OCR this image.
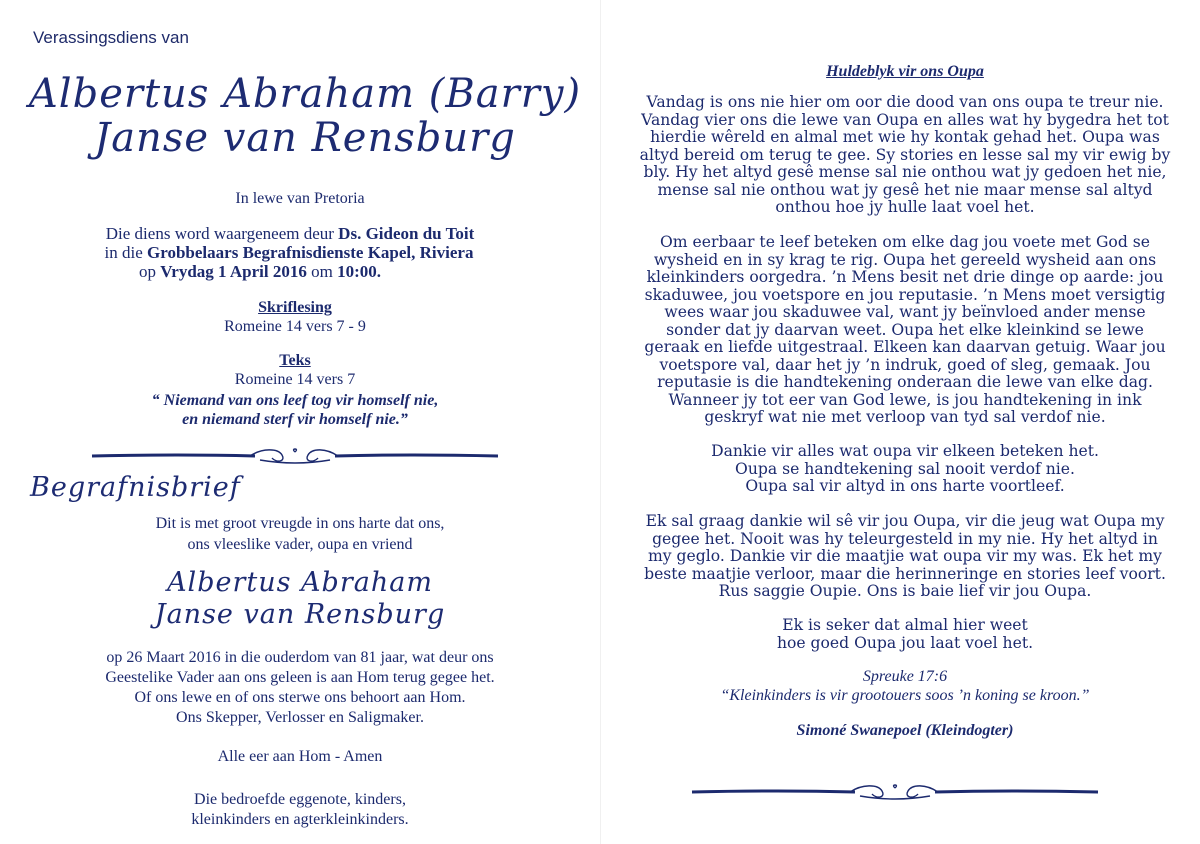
Verassingsdiens van
Albertus Abraham (Barry)
Janse van Rensburg
In lewe van Pretoria
Die diens word waargeneem deur Ds. Gideon du Toit
in die Grobbelaars Begrafnisdienste Kapel, Riviera
op Vrydag 1 April 2016 om 10:00.
Skriflesing
Romeine 14 vers 7 - 9
Teks
Romeine 14 vers 7
“ Niemand van ons leef tog vir homself nie,
en niemand sterf vir homself nie.”
Begrafnisbrief
Dit is met groot vreugde in ons harte dat ons,
ons vleeslike vader, oupa en vriend
Albertus Abraham
Janse van Rensburg
op 26 Maart 2016 in die ouderdom van 81 jaar, wat deur ons
Geestelike Vader aan ons geleen is aan Hom terug gegee het.
Of ons lewe en of ons sterwe ons behoort aan Hom.
Ons Skepper, Verlosser en Saligmaker.
Alle eer aan Hom - Amen
Die bedroefde eggenote, kinders,
kleinkinders en agterkleinkinders.
Huldeblyk vir ons Oupa
Vandag is ons nie hier om oor die dood van ons oupa te treur nie.
Vandag vier ons die lewe van Oupa en alles wat hy bygedra het tot
hierdie wêreld en almal met wie hy kontak gehad het. Oupa was
altyd bereid om terug te gee. Sy stories en lesse sal my vir ewig by
bly. Hy het altyd gesê mense sal nie onthou wat jy gedoen het nie,
mense sal nie onthou wat jy gesê het nie maar mense sal altyd
onthou hoe jy hulle laat voel het.
Om eerbaar te leef beteken om elke dag jou voete met God se
wysheid en in sy krag te rig. Oupa het gereeld wysheid aan ons
kleinkinders oorgedra. ’n Mens besit net drie dinge op aarde: jou
skaduwee, jou voetspore en jou reputasie. ’n Mens moet versigtig
wees waar jou skaduwee val, want jy beïnvloed ander mense
sonder dat jy daarvan weet. Oupa het elke kleinkind se lewe
geraak en liefde uitgestraal. Elkeen kan daarvan getuig. Waar jou
voetspore val, daar het jy ’n indruk, goed of sleg, gemaak. Jou
reputasie is die handtekening onderaan die lewe van elke dag.
Wanneer jy tot eer van God lewe, is jou handtekening in ink
geskryf wat nie met verloop van tyd sal verdof nie.
Dankie vir alles wat oupa vir elkeen beteken het.
Oupa se handtekening sal nooit verdof nie.
Oupa sal vir altyd in ons harte voortleef.
Ek sal graag dankie wil sê vir jou Oupa, vir die jeug wat Oupa my
gegee het. Nooit was hy teleurgesteld in my nie. Hy het altyd in
my geglo. Dankie vir die maatjie wat oupa vir my was. Ek het my
beste maatjie verloor, maar die herinneringe en stories leef voort.
Rus saggie Oupie. Ons is baie lief vir jou Oupa.
Ek is seker dat almal hier weet
hoe goed Oupa jou laat voel het.
Spreuke 17:6
“Kleinkinders is vir grootouers soos ’n koning se kroon.”
Simoné Swanepoel (Kleindogter)
